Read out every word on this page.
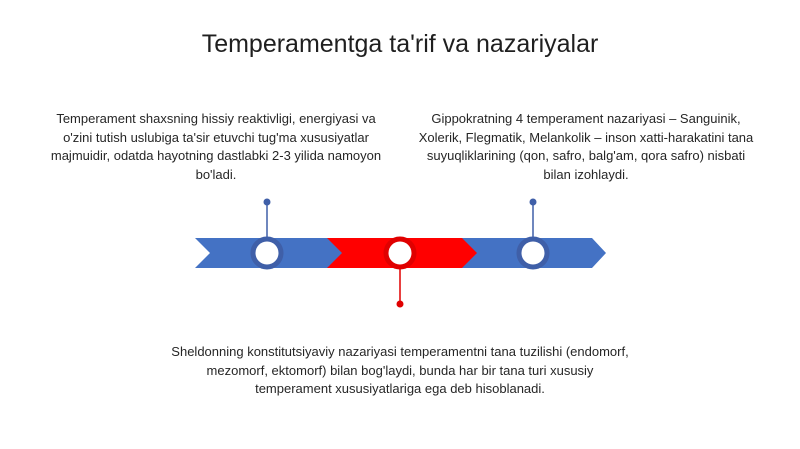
Temperamentga ta'rif va nazariyalar
Temperament shaxsning hissiy reaktivligi, energiyasi va o'zini tutish uslubiga ta'sir etuvchi tug'ma xususiyatlar majmuidir, odatda hayotning dastlabki 2-3 yilida namoyon bo'ladi.
Gippokratning 4 temperament nazariyasi – Sanguinik, Xolerik, Flegmatik, Melankolik – inson xatti-harakatini tana suyuqliklarining (qon, safro, balg'am, qora safro) nisbati bilan izohlaydi.
Sheldonning konstitutsiyaviy nazariyasi temperamentni tana tuzilishi (endomorf, mezomorf, ektomorf) bilan bog'laydi, bunda har bir tana turi xususiy temperament xususiyatlariga ega deb hisoblanadi.
